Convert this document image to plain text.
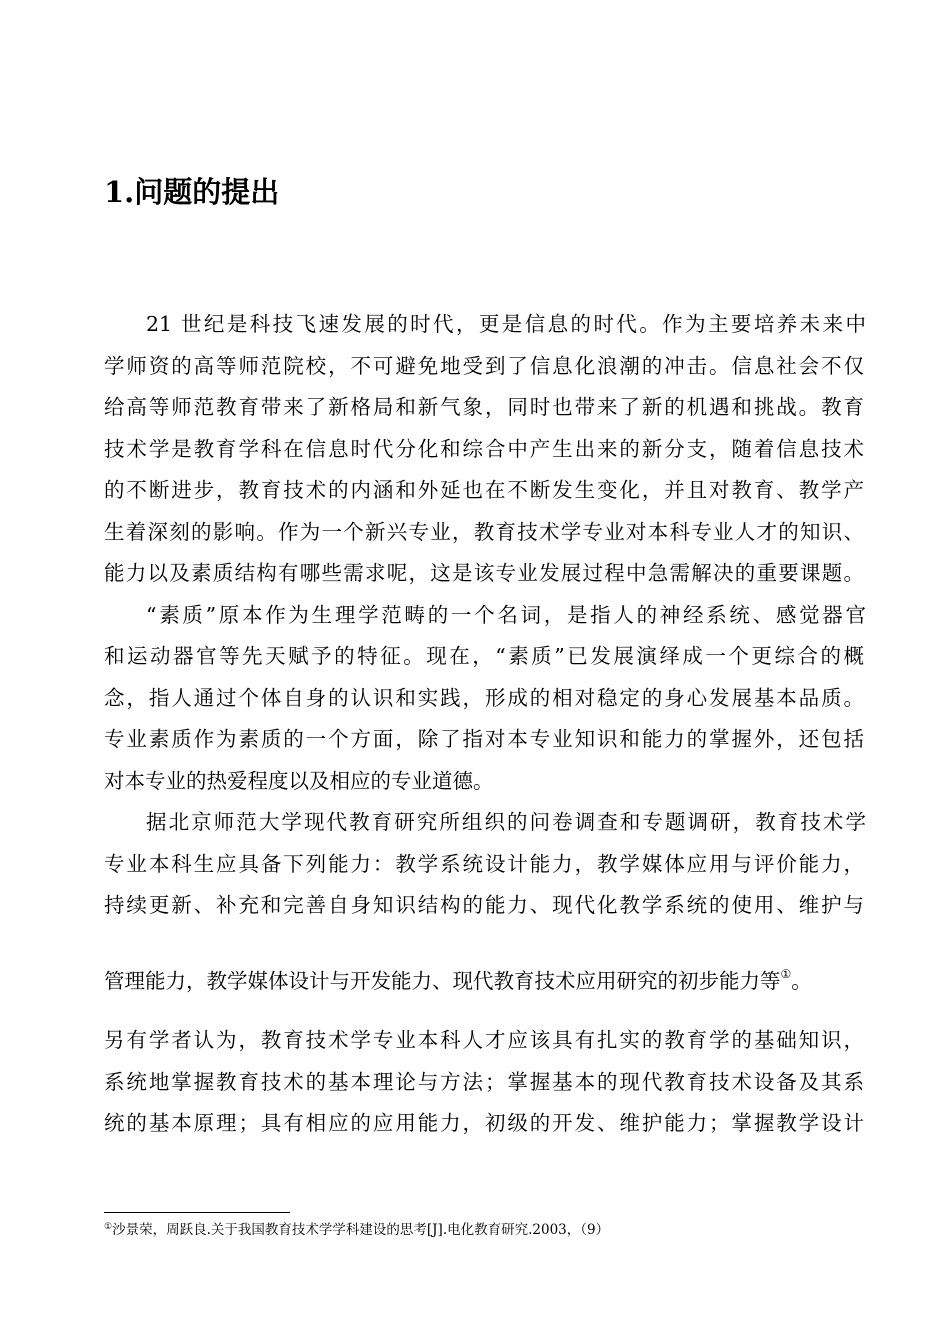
1.问题的提出
21 世纪是科技飞速发展的时代，更是信息的时代。作为主要培养未来中
学师资的高等师范院校，不可避免地受到了信息化浪潮的冲击。信息社会不仅
给高等师范教育带来了新格局和新气象，同时也带来了新的机遇和挑战。教育
技术学是教育学科在信息时代分化和综合中产生出来的新分支，随着信息技术
的不断进步，教育技术的内涵和外延也在不断发生变化，并且对教育、教学产
生着深刻的影响。作为一个新兴专业，教育技术学专业对本科专业人才的知识、
能力以及素质结构有哪些需求呢，这是该专业发展过程中急需解决的重要课题。
“素质”原本作为生理学范畴的一个名词，是指人的神经系统、感觉器官
和运动器官等先天赋予的特征。现在，“素质”已发展演绎成一个更综合的概
念，指人通过个体自身的认识和实践，形成的相对稳定的身心发展基本品质。
专业素质作为素质的一个方面，除了指对本专业知识和能力的掌握外，还包括
对本专业的热爱程度以及相应的专业道德。
据北京师范大学现代教育研究所组织的问卷调查和专题调研，教育技术学
专业本科生应具备下列能力：教学系统设计能力，教学媒体应用与评价能力，
持续更新、补充和完善自身知识结构的能力、现代化教学系统的使用、维护与
管理能力，教学媒体设计与开发能力、现代教育技术应用研究的初步能力等①。
另有学者认为，教育技术学专业本科人才应该具有扎实的教育学的基础知识，
系统地掌握教育技术的基本理论与方法；掌握基本的现代教育技术设备及其系
统的基本原理；具有相应的应用能力，初级的开发、维护能力；掌握教学设计
①沙景荣，周跃良.关于我国教育技术学学科建设的思考[J].电化教育研究.2003，（9）
